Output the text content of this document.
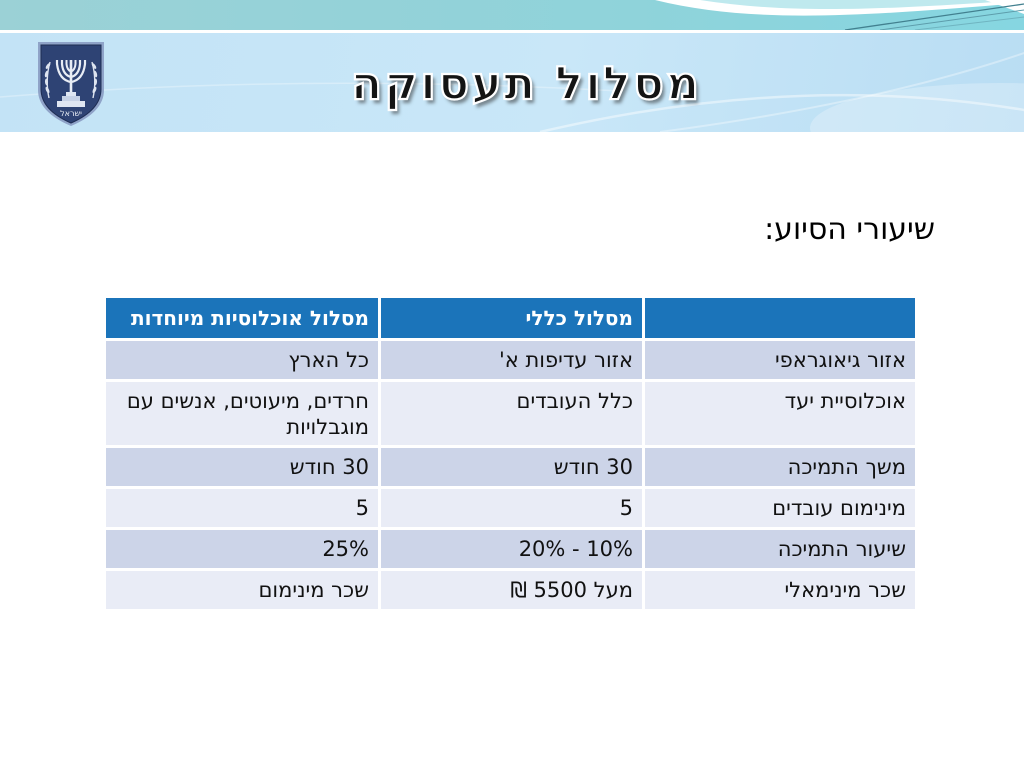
ישראל
מסלול תעסוקה
שיעורי הסיוע:
	מסלול כללי	מסלול אוכלוסיות מיוחדות
אזור גיאוגראפי	אזור עדיפות א'	כל הארץ
אוכלוסיית יעד	כלל העובדים	חרדים, מיעוטים, אנשים עם מוגבלויות
משך התמיכה	30 חודש	30 חודש
מינימום עובדים	5	5
שיעור התמיכה	10% - 20%	25%
שכר מינימאלי	מעל 5500 ₪	שכר מינימום
